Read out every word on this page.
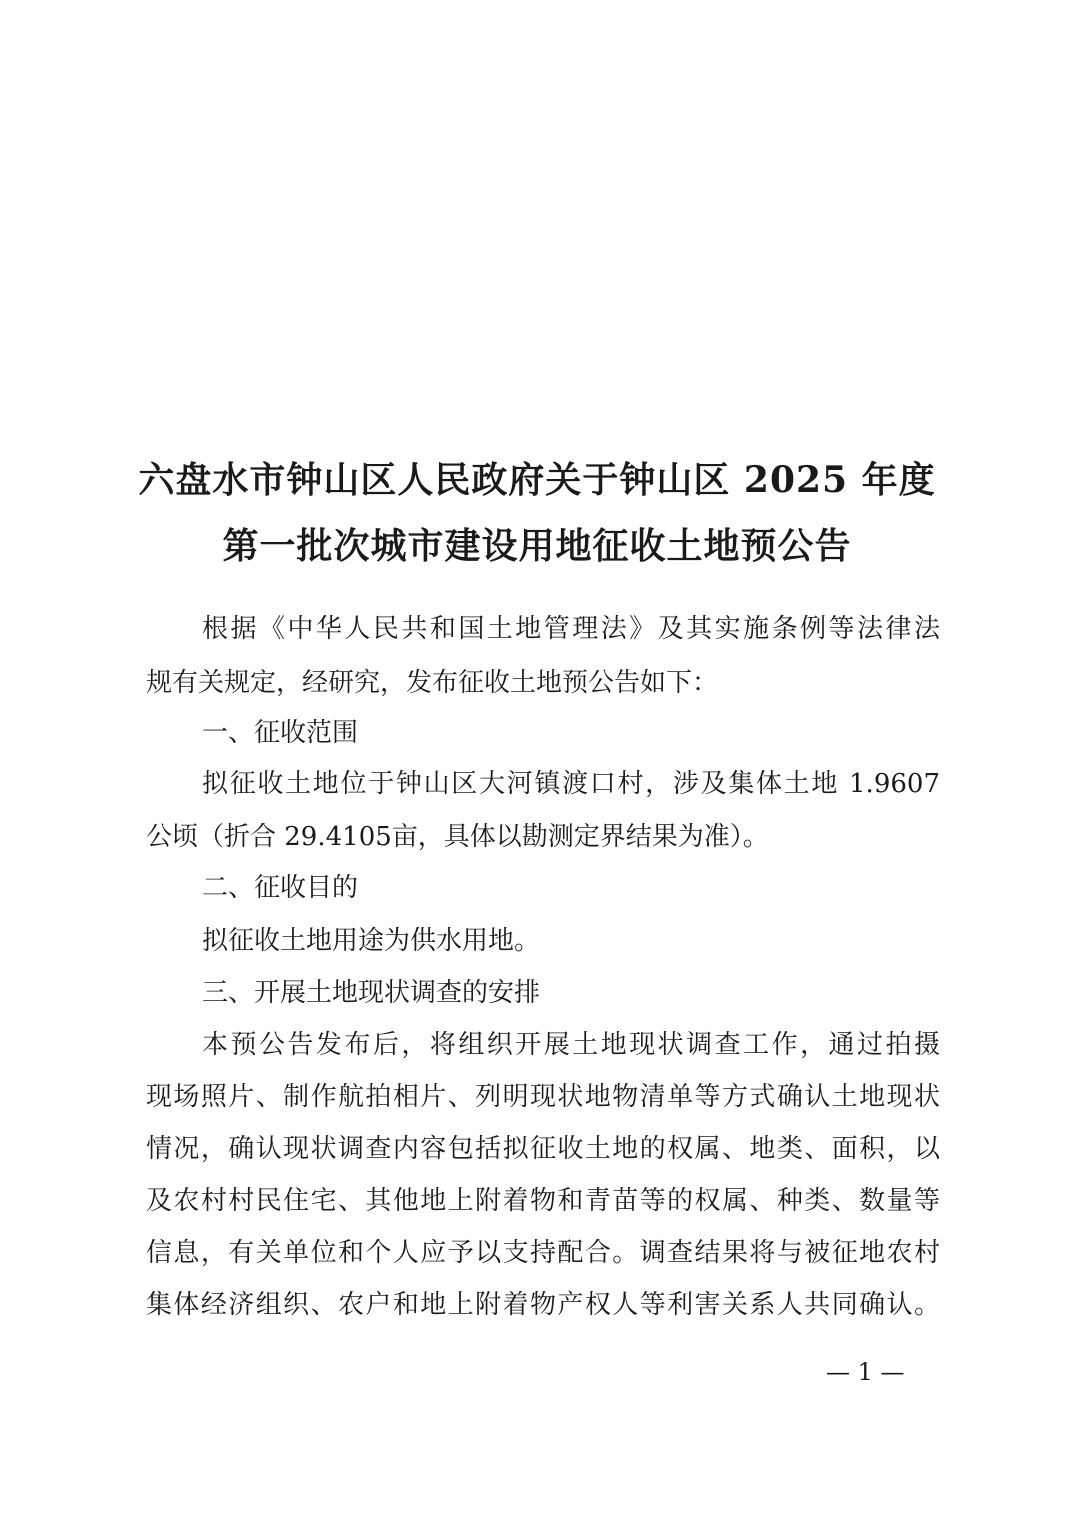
六盘水市钟山区人民政府关于钟山区 2025 年度
第一批次城市建设用地征收土地预公告
根据《中华人民共和国土地管理法》及其实施条例等法律法
规有关规定，经研究，发布征收土地预公告如下：
一、征收范围
拟征收土地位于钟山区大河镇渡口村，涉及集体土地 1.9607
公顷（折合 29.4105亩，具体以勘测定界结果为准）。
二、征收目的
拟征收土地用途为供水用地。
三、开展土地现状调查的安排
本预公告发布后，将组织开展土地现状调查工作，通过拍摄
现场照片、制作航拍相片、列明现状地物清单等方式确认土地现状
情况，确认现状调查内容包括拟征收土地的权属、地类、面积，以
及农村村民住宅、其他地上附着物和青苗等的权属、种类、数量等
信息，有关单位和个人应予以支持配合。调查结果将与被征地农村
集体经济组织、农户和地上附着物产权人等利害关系人共同确认。
— 1 —
